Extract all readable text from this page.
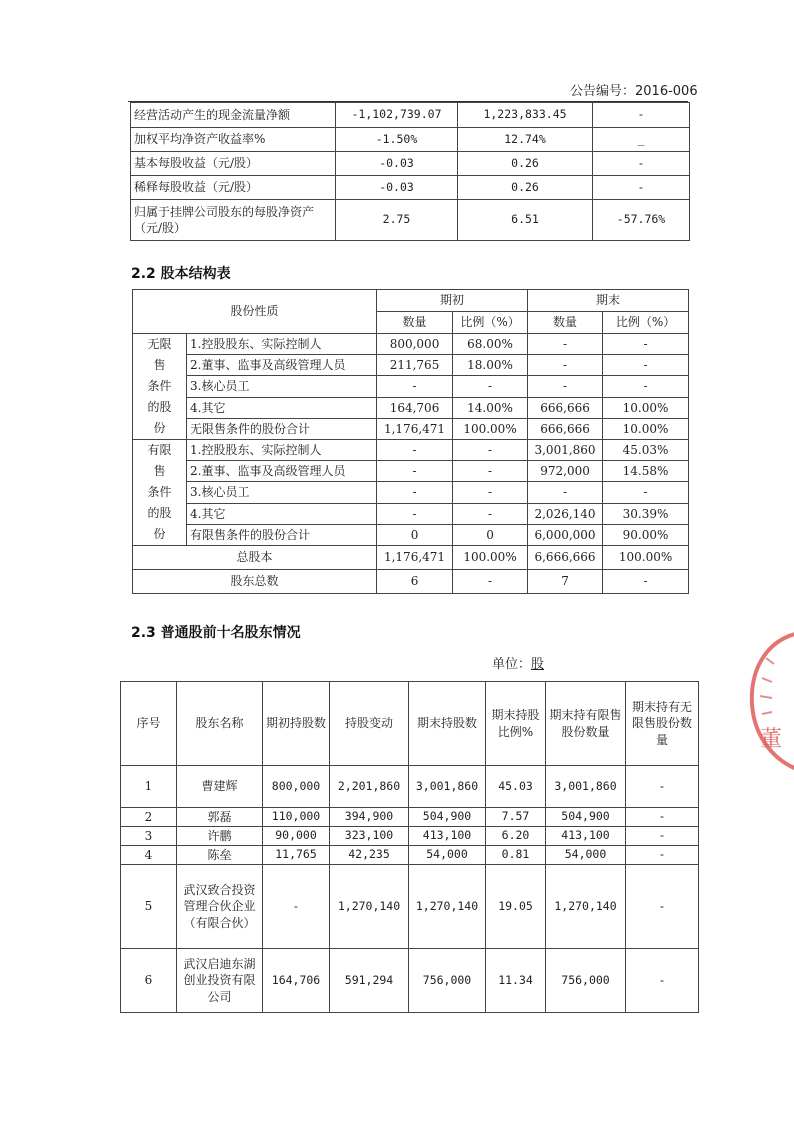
公告编号：2016-006
经营活动产生的现金流量净额	-1,102,739.07	1,223,833.45	-
加权平均净资产收益率%	-1.50%	12.74%	_
基本每股收益（元/股）	-0.03	0.26	-
稀释每股收益（元/股）	-0.03	0.26	-
归属于挂牌公司股东的每股净资产（元/股）	2.75	6.51	-57.76%
2.2 股本结构表
股份性质		期初		期末	
		数量	比例（%）	数量	比例（%）

无限
售
条件
的股
份	1.控股股东、实际控制人	800,000	68.00%	-	-
	2.董事、监事及高级管理人员	211,765	18.00%	-	-
	3.核心员工	-	-	-	-
	4.其它	164,706	14.00%	666,666	10.00%
	无限售条件的股份合计	1,176,471	100.00%	666,666	10.00%

有限
售
条件
的股
份	1.控股股东、实际控制人	-	-	3,001,860	45.03%
	2.董事、监事及高级管理人员	-	-	972,000	14.58%
	3.核心员工	-	-	-	-
	4.其它	-	-	2,026,140	30.39%
	有限售条件的股份合计	0	0	6,000,000	90.00%
总股本		1,176,471	100.00%	6,666,666	100.00%
股东总数		6	-	7	-
2.3 普通股前十名股东情况
单位：股
序号	股东名称	期初持股数	持股变动	期末持股数	期末持股比例%	期末持有限售股份数量	期末持有无限售股份数量
1	曹建辉	800,000	2,201,860	3,001,860	45.03	3,001,860	-
2	郭磊	110,000	394,900	504,900	7.57	504,900	-
3	许鹏	90,000	323,100	413,100	6.20	413,100	-
4	陈垒	11,765	42,235	54,000	0.81	54,000	-
5	武汉致合投资管理合伙企业（有限合伙）	-	1,270,140	1,270,140	19.05	1,270,140	-
6	武汉启迪东湖创业投资有限公司	164,706	591,294	756,000	11.34	756,000	-
董
